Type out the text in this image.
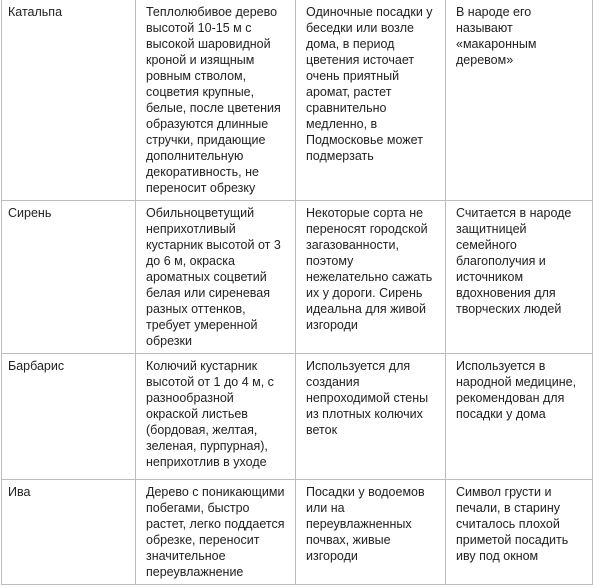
Катальпа	Теплолюбивое дерево высотой 10-15 м с высокой шаровидной кроной и изящным ровным стволом, соцветия крупные, белые, после цветения образуются длинные стручки, придающие дополнительную декоративность, не переносит обрезку	Одиночные посадки у беседки или возле дома, в период цветения источает очень приятный аромат, растет сравнительно медленно, в Подмосковье может подмерзать	В народе его называют «макаронным деревом»
Сирень	Обильноцветущий неприхотливый кустарник высотой от 3 до 6 м, окраска ароматных соцветий белая или сиреневая разных оттенков, требует умеренной обрезки	Некоторые сорта не переносят городской загазованности, поэтому нежелательно сажать их у дороги. Сирень идеальна для живой изгороди	Считается в народе защитницей семейного благополучия и источником вдохновения для творческих людей
Барбарис	Колючий кустарник высотой от 1 до 4 м, с разнообразной окраской листьев (бордовая, желтая, зеленая, пурпурная), неприхотлив в уходе	Используется для создания непроходимой стены из плотных колючих веток	Используется в народной медицине, рекомендован для посадки у дома
Ива	Дерево с поникающими побегами, быстро растет, легко поддается обрезке, переносит значительное переувлажнение	Посадки у водоемов или на переувлажненных почвах, живые изгороди	Символ грусти и печали, в старину считалось плохой приметой посадить иву под окном
